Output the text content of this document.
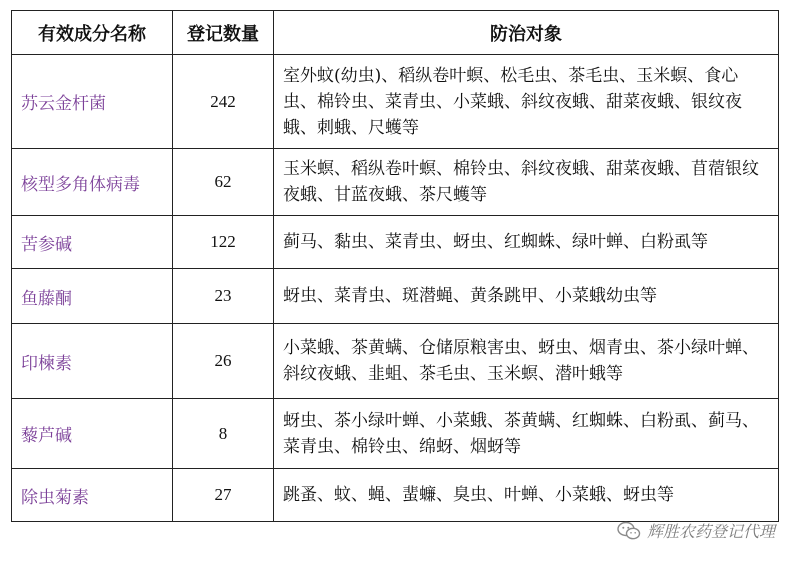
有效成分名称	登记数量	防治对象
苏云金杆菌	242	室外蚊(幼虫)、稻纵卷叶螟、松毛虫、茶毛虫、玉米螟、食心虫、棉铃虫、菜青虫、小菜蛾、斜纹夜蛾、甜菜夜蛾、银纹夜蛾、刺蛾、尺蠖等
核型多角体病毒	62	玉米螟、稻纵卷叶螟、棉铃虫、斜纹夜蛾、甜菜夜蛾、苜蓿银纹夜蛾、甘蓝夜蛾、茶尺蠖等
苦参碱	122	蓟马、黏虫、菜青虫、蚜虫、红蜘蛛、绿叶蝉、白粉虱等
鱼藤酮	23	蚜虫、菜青虫、斑潜蝇、黄条跳甲、小菜蛾幼虫等
印楝素	26	小菜蛾、茶黄螨、仓储原粮害虫、蚜虫、烟青虫、茶小绿叶蝉、斜纹夜蛾、韭蛆、茶毛虫、玉米螟、潜叶蛾等
藜芦碱	8	蚜虫、茶小绿叶蝉、小菜蛾、茶黄螨、红蜘蛛、白粉虱、蓟马、菜青虫、棉铃虫、绵蚜、烟蚜等
除虫菊素	27	跳蚤、蚊、蝇、蜚蠊、臭虫、叶蝉、小菜蛾、蚜虫等
辉胜农药登记代理
